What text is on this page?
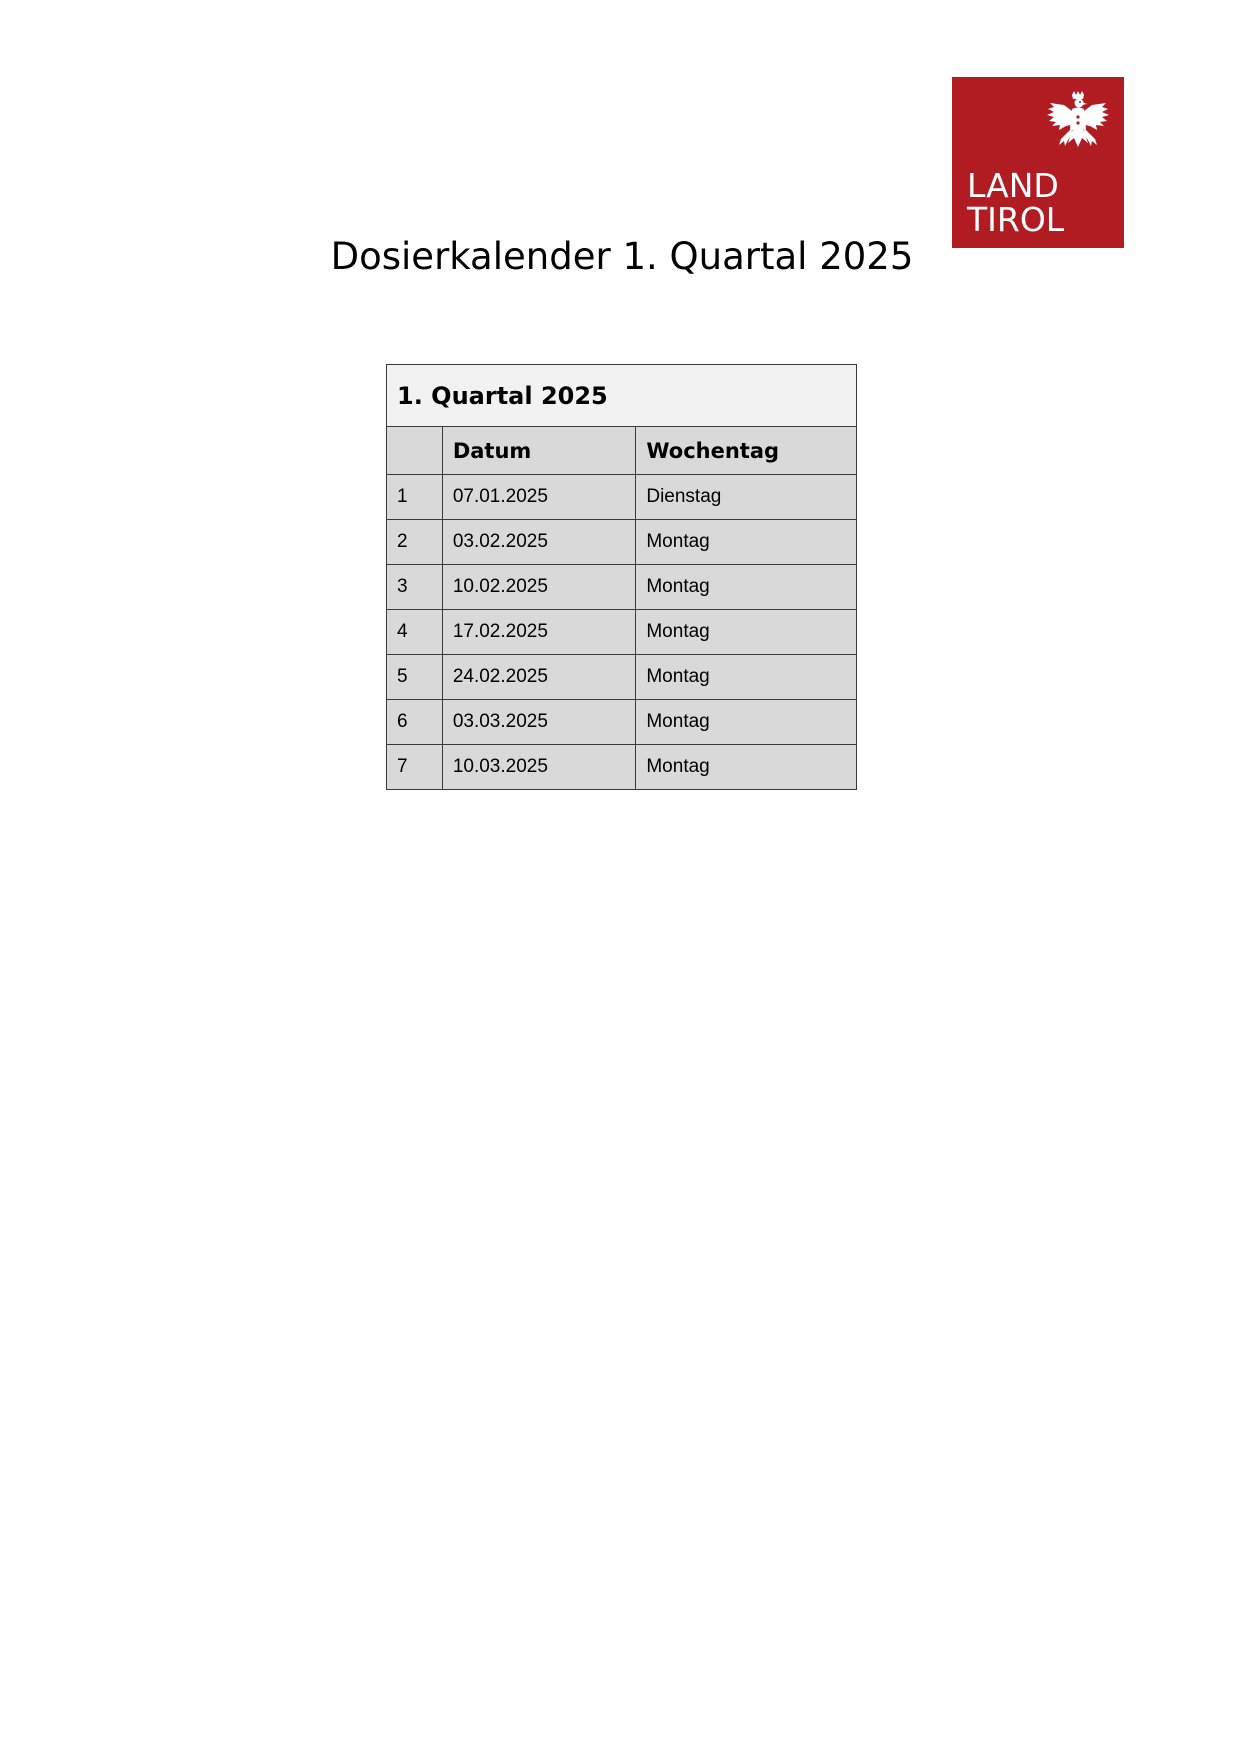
LAND
TIROL
Dosierkalender 1. Quartal 2025
1. Quartal 2025		
	Datum	Wochentag
1	07.01.2025	Dienstag
2	03.02.2025	Montag
3	10.02.2025	Montag
4	17.02.2025	Montag
5	24.02.2025	Montag
6	03.03.2025	Montag
7	10.03.2025	Montag
